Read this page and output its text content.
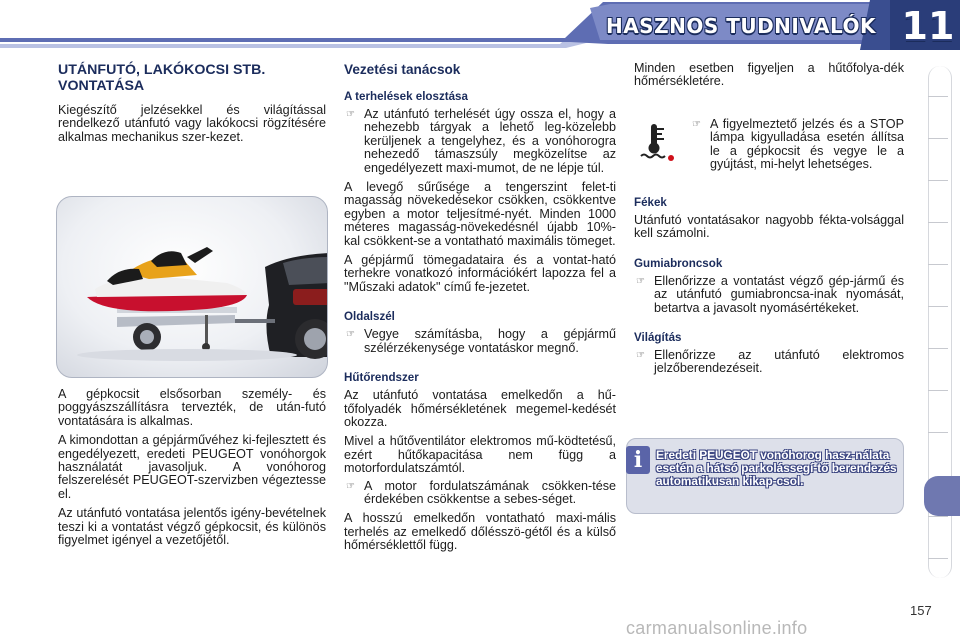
HASZNOS TUDNIVALÓK 11
UTÁNFUTÓ, LAKÓKOCSI STB. VONTATÁSA

Kiegészítő jelzésekkel és világítással rendelkező utánfutó vagy lakókocsi rögzítésére alkalmas mechanikus szer-kezet.

A gépkocsit elsősorban személy- és poggyászszállításra tervezték, de után-futó vontatására is alkalmas.

A kimondottan a gépjárművéhez ki-fejlesztett és engedélyezett, eredeti PEUGEOT vonóhorgok használatát javasoljuk. A vonóhorog felszerelését PEUGEOT-szervizben végeztesse el.

Az utánfutó vontatása jelentős igény-bevételnek teszi ki a vontatást végző gépkocsit, és különös figyelmet igényel a vezetőjétől.

Vezetési tanácsok
A terhelések elosztása
☞ Az utánfutó terhelését úgy ossza el, hogy a nehezebb tárgyak a lehető leg-közelebb kerüljenek a tengelyhez, és a vonóhorogra nehezedő támaszsúly megközelítse az engedélyezett maxi-mumot, de ne lépje túl.

A levegő sűrűsége a tengerszint felet-ti magasság növekedésekor csökken, csökkentve egyben a motor teljesítmé-nyét. Minden 1000 méteres magasság-növekedésnél újabb 10%-kal csökkent-se a vontatható maximális tömeget.

A gépjármű tömegadataira és a vontat-ható terhekre vonatkozó információkért lapozza fel a "Műszaki adatok" című fe-jezetet.

Oldalszél
☞ Vegye számításba, hogy a gépjármű szélérzékenysége vontatáskor megnő.
Hűtőrendszer

Az utánfutó vontatása emelkedőn a hű-tőfolyadék hőmérsékletének megemel-kedését okozza.

Mivel a hűtőventilátor elektromos mű-ködtetésű, ezért hűtőkapacitása nem függ a motorfordulatszámtól.

☞ A motor fordulatszámának csökken-tése érdekében csökkentse a sebes-séget.

A hosszú emelkedőn vontatható maxi-mális terhelés az emelkedő dőlésszö-gétől és a külső hőmérséklettől függ.

Minden esetben figyeljen a hűtőfolya-dék hőmérsékletére.

☞ A figyelmeztető jelzés és a STOP lámpa kigyulladása esetén állítsa le a gépkocsit és vegye le a gyújtást, mi-helyt lehetséges.
Fékek

Utánfutó vontatásakor nagyobb fékta-volsággal kell számolni.

Gumiabroncsok
☞ Ellenőrizze a vontatást végző gép-jármű és az utánfutó gumiabroncsa-inak nyomását, betartva a javasolt nyomásértékeket.
Világítás
☞ Ellenőrizze az utánfutó elektromos jelzőberendezéseit.
i	Eredeti PEUGEOT vonóhorog hasz-nálata esetén a hátsó parkolássegí-tő berendezés automatikusan kikap-csol.
157
carmanualsonline.info
